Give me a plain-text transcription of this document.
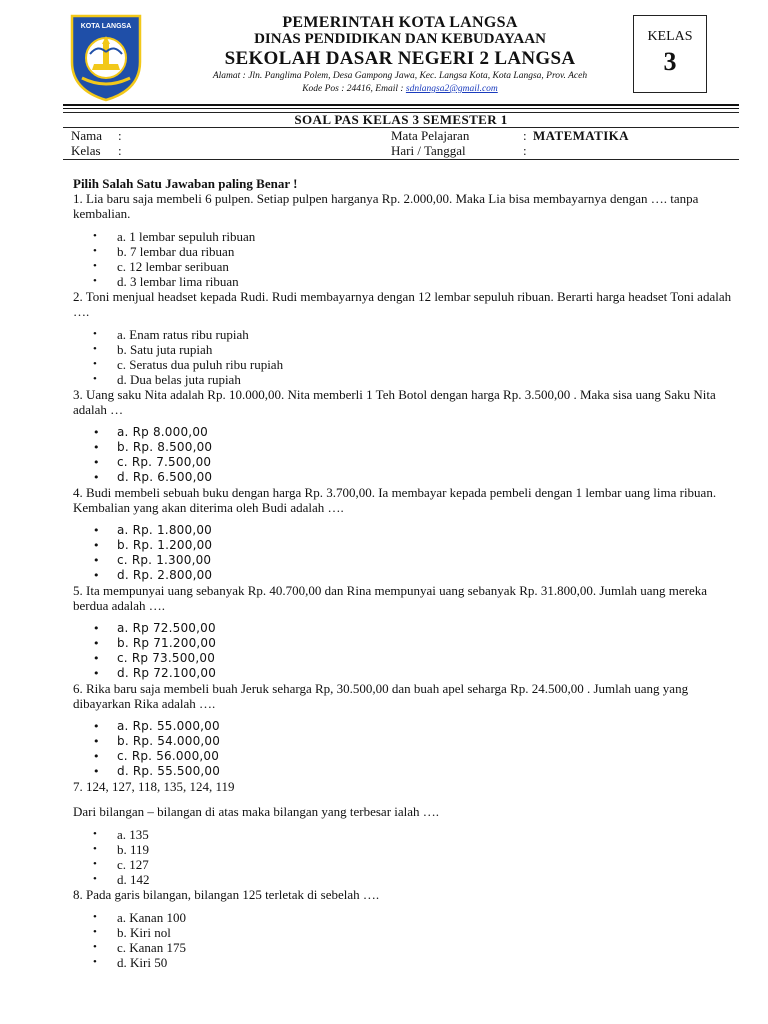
KOTA LANGSA	PEMERINTAH KOTA LANGSA
DINAS PENDIDIKAN DAN KEBUDAYAAN
SEKOLAH DASAR NEGERI 2 LANGSA
Alamat : Jln. Panglima Polem, Desa Gampong Jawa, Kec. Langsa Kota, Kota Langsa, Prov. Aceh
Kode Pos : 24416, Email : sdnlangsa2@gmail.com
KELAS
3
SOAL PAS KELAS 3 SEMESTER 1
Nama :	Mata Pelajaran	: MATEMATIKA
Kelas :	Hari / Tanggal	:
Pilih Salah Satu Jawaban paling Benar !

1. Lia baru saja membeli 6 pulpen. Setiap pulpen harganya Rp. 2.000,00. Maka Lia bisa membayarnya dengan …. tanpa kembalian.

• a. 1 lembar sepuluh ribuan
• b. 7 lembar dua ribuan
• c. 12 lembar seribuan
• d. 3 lembar lima ribuan

2. Toni menjual headset kepada Rudi. Rudi membayarnya dengan 12 lembar sepuluh ribuan. Berarti harga headset Toni adalah ….

• a. Enam ratus ribu rupiah
• b. Satu juta rupiah
• c. Seratus dua puluh ribu rupiah
• d. Dua belas juta rupiah

3. Uang saku Nita adalah Rp. 10.000,00. Nita memberli 1 Teh Botol dengan harga Rp. 3.500,00 . Maka sisa uang Saku Nita adalah …

• a. Rp 8.000,00
• b. Rp. 8.500,00
• c. Rp. 7.500,00
• d. Rp. 6.500,00

4. Budi membeli sebuah buku dengan harga Rp. 3.700,00. Ia membayar kepada pembeli dengan 1 lembar uang lima ribuan. Kembalian yang akan diterima oleh Budi adalah ….

• a. Rp. 1.800,00
• b. Rp. 1.200,00
• c. Rp. 1.300,00
• d. Rp. 2.800,00

5. Ita mempunyai uang sebanyak Rp. 40.700,00 dan Rina mempunyai uang sebanyak Rp. 31.800,00. Jumlah uang mereka berdua adalah ….

• a. Rp 72.500,00
• b. Rp 71.200,00
• c. Rp 73.500,00
• d. Rp 72.100,00

6. Rika baru saja membeli buah Jeruk seharga Rp, 30.500,00 dan buah apel seharga Rp. 24.500,00 . Jumlah uang yang dibayarkan Rika adalah ….

• a. Rp. 55.000,00
• b. Rp. 54.000,00
• c. Rp. 56.000,00
• d. Rp. 55.500,00

7. 124, 127, 118, 135, 124, 119

Dari bilangan – bilangan di atas maka bilangan yang terbesar ialah ….

• a. 135
• b. 119
• c. 127
• d. 142

8. Pada garis bilangan, bilangan 125 terletak di sebelah ….

• a. Kanan 100
• b. Kiri nol
• c. Kanan 175
• d. Kiri 50
